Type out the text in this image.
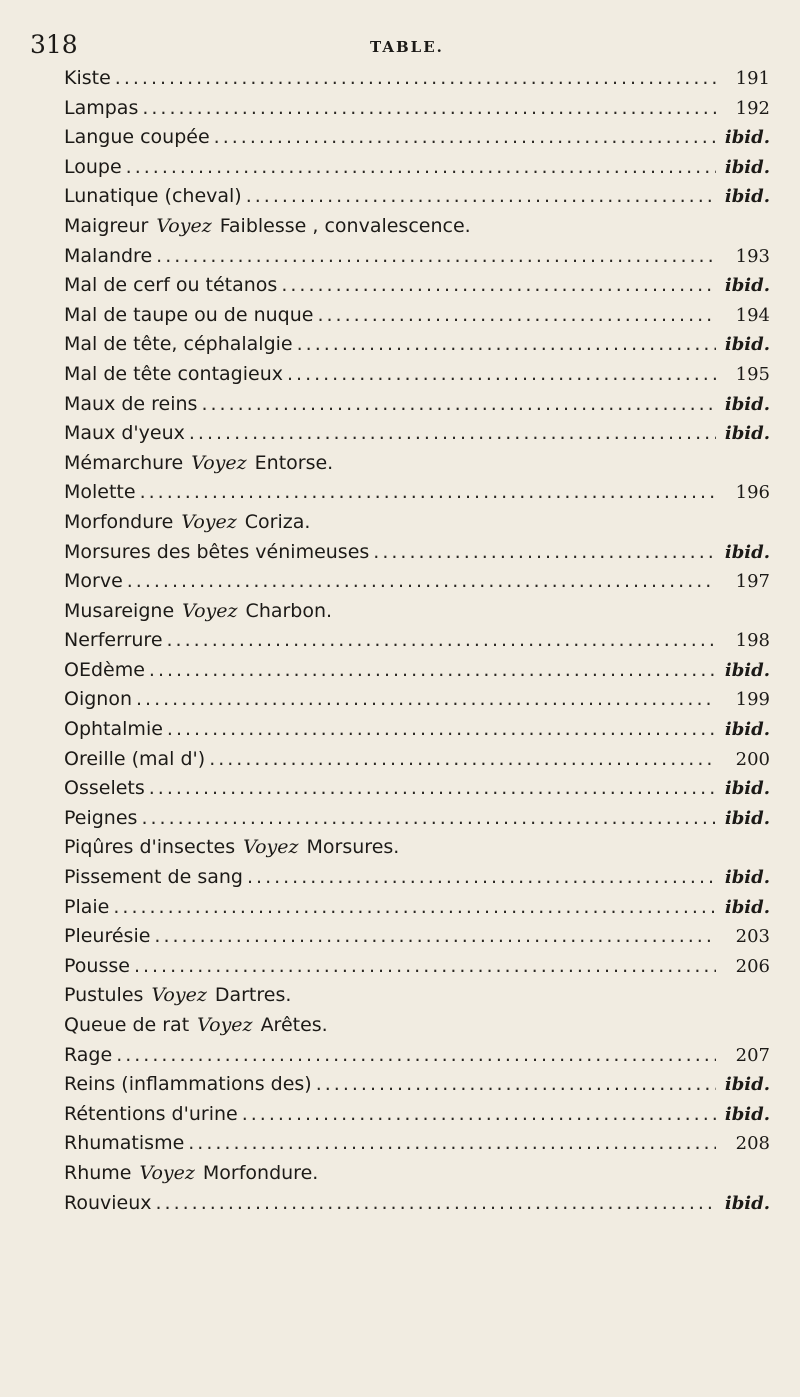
318	TABLE.
Kiste .....	191
Lampas .....	192
Langue coupée .....	ibid.
Loupe .....	ibid.
Lunatique (cheval) .....	ibid.
Maigreur Voyez Faiblesse , convalescence.
Malandre .....	193
Mal de cerf ou tétanos .....	ibid.
Mal de taupe ou de nuque .....	194
Mal de tête, céphalalgie .....	ibid.
Mal de tête contagieux .....	195
Maux de reins .....	ibid.
Maux d'yeux .....	ibid.
Mémarchure Voyez Entorse.
Molette .....	196
Morfondure Voyez Coriza.
Morsures des bêtes vénimeuses .....	ibid.
Morve .....	197
Musareigne Voyez Charbon.
Nerferrure .....	198
OEdème .....	ibid.
Oignon .....	199
Ophtalmie .....	ibid.
Oreille (mal d') .....	200
Osselets .....	ibid.
Peignes .....	ibid.
Piqûres d'insectes Voyez Morsures.
Pissement de sang .....	ibid.
Plaie .....	ibid.
Pleurésie .....	203
Pousse .....	206
Pustules Voyez Dartres.
Queue de rat Voyez Arêtes.
Rage .....	207
Reins (inflammations des) .....	ibid.
Rétentions d'urine .....	ibid.
Rhumatisme .....	208
Rhume Voyez Morfondure.
Rouvieux .....	ibid.
